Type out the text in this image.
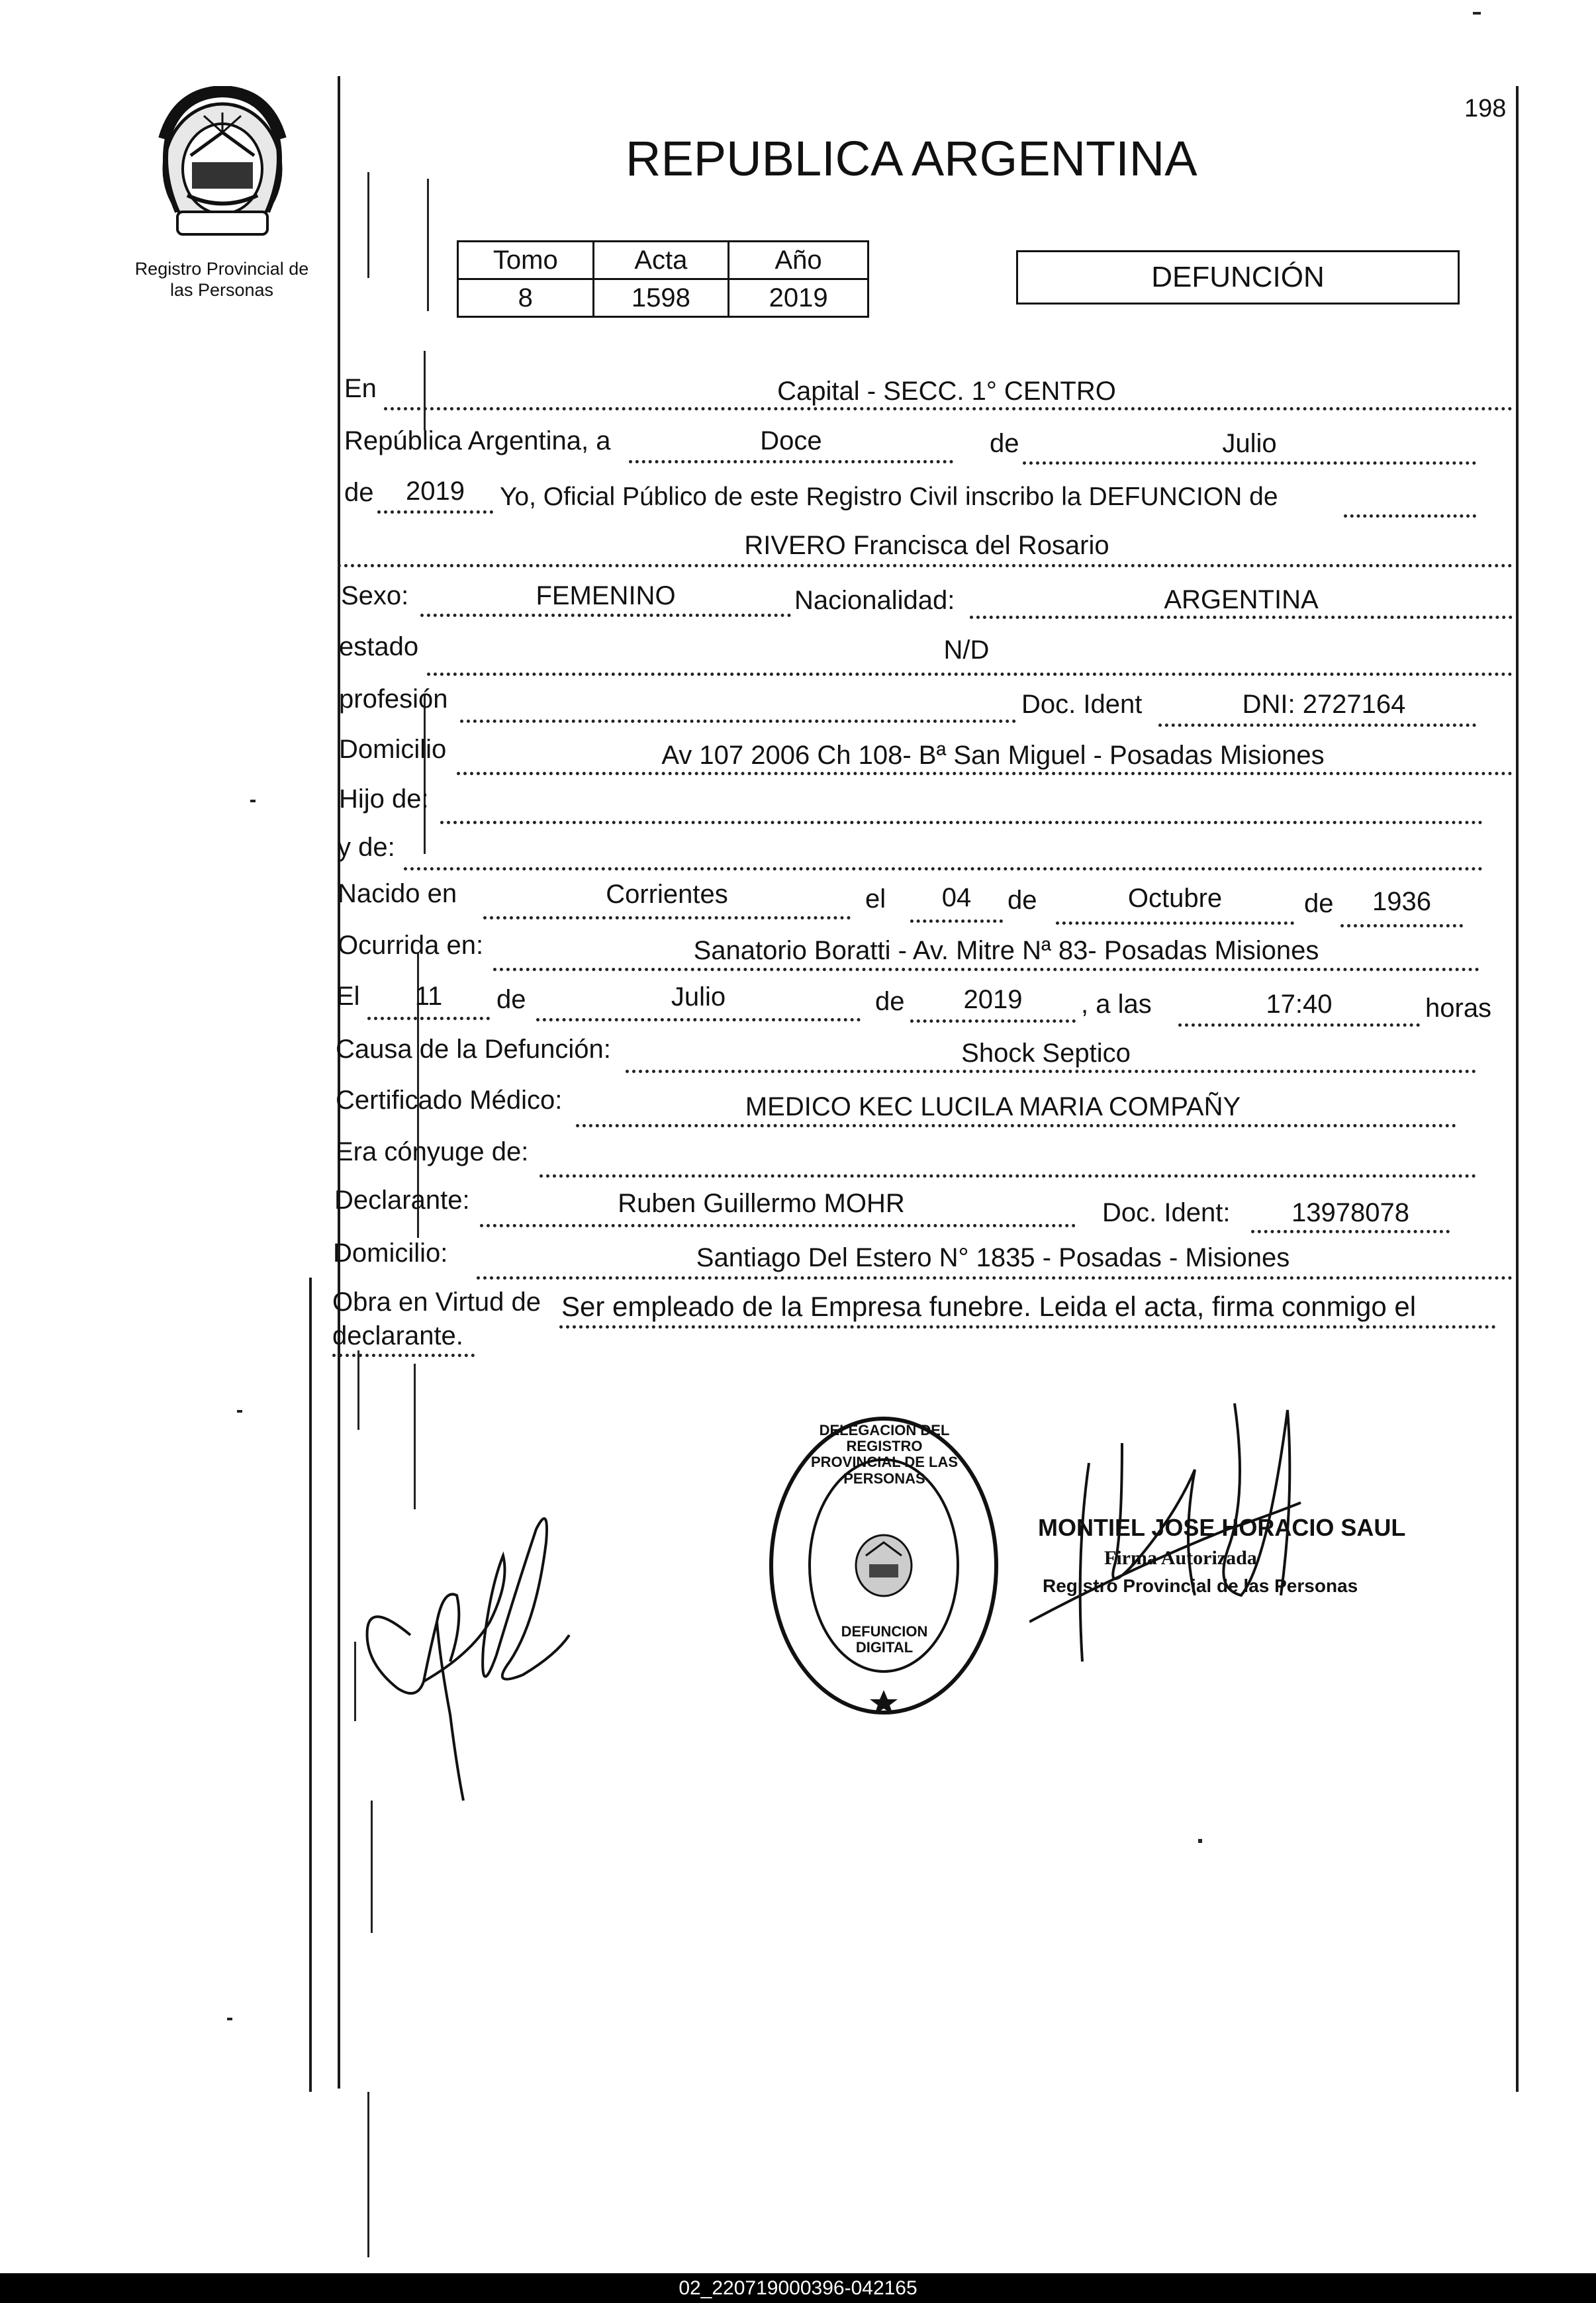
198
Registro Provincial de las Personas
REPUBLICA ARGENTINA
Tomo	Acta	Año
8	1598	2019
DEFUNCIÓN
En	Capital - SECC. 1° CENTRO
República Argentina, a	Doce	de	Julio
de	2019	Yo, Oficial Público de este Registro Civil inscribo la DEFUNCION de
RIVERO Francisca del Rosario
Sexo:	FEMENINO	Nacionalidad:	ARGENTINA
estado	N/D
profesión	Doc. Ident	DNI: 2727164
Domicilio	Av 107 2006 Ch 108- Bª San Miguel - Posadas Misiones
Hijo de:
y de:
Nacido en	Corrientes	el	04	de	Octubre	de	1936
Ocurrida en:	Sanatorio Boratti - Av. Mitre Nª 83- Posadas Misiones
El	11	de	Julio	de	2019	, a las	17:40	horas
Causa de la Defunción:	Shock Septico
Certificado Médico:	MEDICO KEC LUCILA MARIA COMPAÑY
Era cónyuge de:
Declarante:	Ruben Guillermo MOHR	Doc. Ident:	13978078
Domicilio:	Santiago Del Estero N° 1835 - Posadas - Misiones
Obra en Virtud de Ser empleado de la Empresa funebre. Leida el acta, firma conmigo el
declarante.
DELEGACION DEL REGISTRO PROVINCIAL DE LAS PERSONAS
DEFUNCION DIGITAL
MONTIEL JOSE HORACIO SAUL
Firma Autorizada
Registro Provincial de las Personas
02_220719000396-042165
